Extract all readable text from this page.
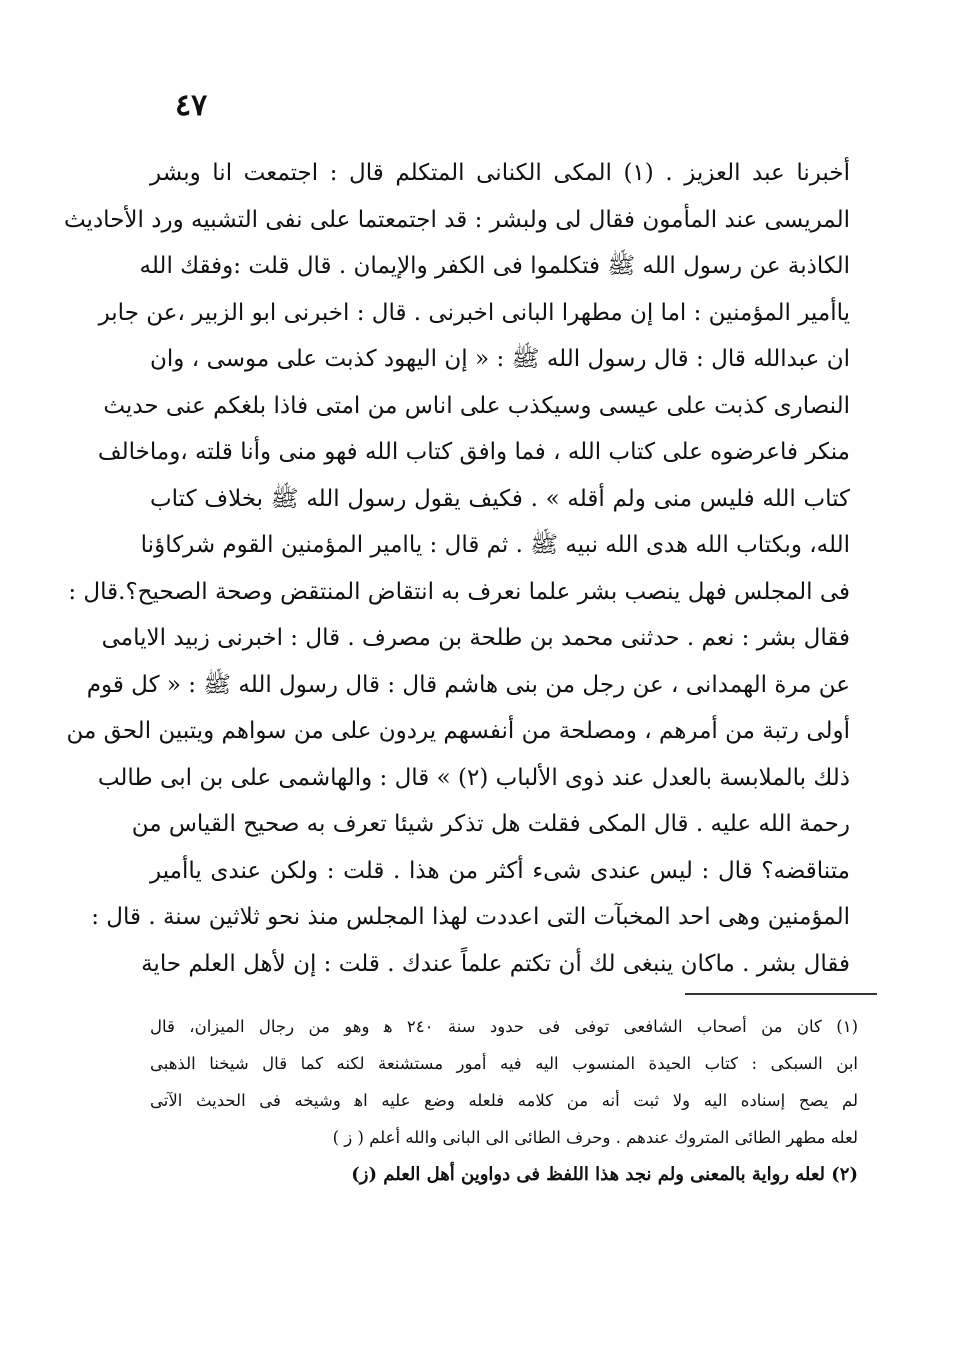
٤٧
أخبرنا عبد العزيز . (١) المكى الكنانى المتكلم قال : اجتمعت انا وبشر
المريسى عند المأمون فقال لى ولبشر : قد اجتمعتما على نفى التشبيه ورد الأحاديث
الكاذبة عن رسول الله ﷺ فتكلموا فى الكفر والإيمان . قال قلت :وفقك الله
ياأمير المؤمنين : اما إن مطهرا البانى اخبرنى . قال : اخبرنى ابو الزبير ،عن جابر
ان عبدالله قال : قال رسول الله ﷺ : « إن اليهود كذبت على موسى ، وان
النصارى كذبت على عيسى وسيكذب على اناس من امتى فاذا بلغكم عنى حديث
منكر فاعرضوه على كتاب الله ، فما وافق كتاب الله فهو منى وأنا قلته ،وماخالف
كتاب الله فليس منى ولم أقله » . فكيف يقول رسول الله ﷺ بخلاف كتاب
الله، وبكتاب الله هدى الله نبيه ﷺ . ثم قال : ياامير المؤمنين القوم شركاؤنا
فى المجلس فهل ينصب بشر علما نعرف به انتقاض المنتقض وصحة الصحيح؟.قال :
فقال بشر : نعم . حدثنى محمد بن طلحة بن مصرف . قال : اخبرنى زبيد الايامى
عن مرة الهمدانى ، عن رجل من بنى هاشم قال : قال رسول الله ﷺ : « كل قوم
أولى رتبة من أمرهم ، ومصلحة من أنفسهم يردون على من سواهم ويتبين الحق من
ذلك بالملابسة بالعدل عند ذوى الألباب (٢) » قال : والهاشمى على بن ابى طالب
رحمة الله عليه . قال المكى فقلت هل تذكر شيئا تعرف به صحيح القياس من
متناقضه؟ قال : ليس عندى شىء أكثر من هذا . قلت : ولكن عندى ياأمير
المؤمنين وهى احد المخبآت التى اعددت لهذا المجلس منذ نحو ثلاثين سنة . قال :
فقال بشر . ماكان ينبغى لك أن تكتم علماً عندك . قلت : إن لأهل العلم حاية
(١) كان من أصحاب الشافعى توفى فى حدود سنة ٢٤٠ ﻫ وهو من رجال الميزان، قال
ابن السبكى : كتاب الحيدة المنسوب اليه فيه أمور مستشنعة لكنه كما قال شيخنا الذهبى
لم يصح إسناده اليه ولا ثبت أنه من كلامه فلعله وضع عليه اﻫ وشيخه فى الحديث الآتى
لعله مطهر الطائى المتروك عندهم . وحرف الطائى الى البانى والله أعلم ( ز )
(٢) لعله رواية بالمعنى ولم نجد هذا اللفظ فى دواوين أهل العلم (ز)
